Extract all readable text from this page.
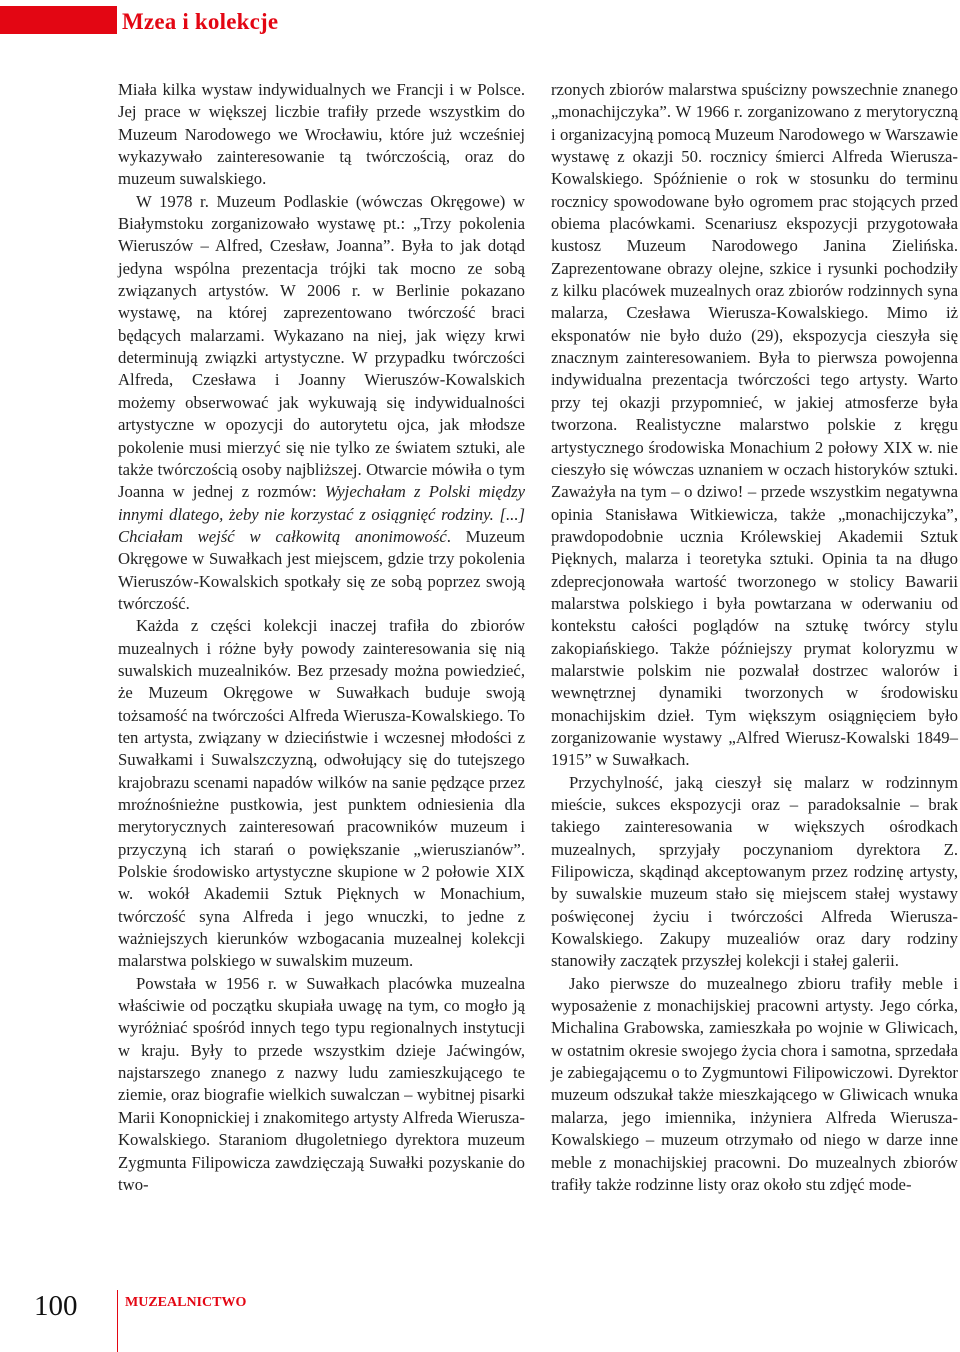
Mzea i kolekcje

Miała kilka wystaw indywidualnych we Francji i w Polsce. Jej prace w większej liczbie trafiły przede wszystkim do Muzeum Narodowego we Wrocławiu, które już wcześniej wykazywało zainteresowanie tą twórczością, oraz do muzeum suwalskiego.

W 1978 r. Muzeum Podlaskie (wówczas Okręgowe) w Białymstoku zorganizowało wystawę pt.: „Trzy pokolenia Wieruszów – Alfred, Czesław, Joanna”. Była to jak dotąd jedyna wspólna prezentacja trójki tak mocno ze sobą związanych artystów. W 2006 r. w Berlinie pokazano wystawę, na której zaprezentowano twórczość braci będących malarzami. Wykazano na niej, jak więzy krwi determinują związki artystyczne. W przypadku twórczości Alfreda, Czesława i Joanny Wieruszów-Kowalskich możemy obserwować jak wykuwają się indywidualności artystyczne w opozycji do autorytetu ojca, jak młodsze pokolenie musi mierzyć się nie tylko ze światem sztuki, ale także twórczością osoby najbliższej. Otwarcie mówiła o tym Joanna w jednej z rozmów: Wyjechałam z Polski między innymi dlatego, żeby nie korzystać z osiągnięć rodziny. [...] Chciałam wejść w całkowitą anonimowość. Muzeum Okręgowe w Suwałkach jest miejscem, gdzie trzy pokolenia Wieruszów-Kowalskich spotkały się ze sobą poprzez swoją twórczość.

Każda z części kolekcji inaczej trafiła do zbiorów muzealnych i różne były powody zainteresowania się nią suwalskich muzealników. Bez przesady można powiedzieć, że Muzeum Okręgowe w Suwałkach buduje swoją tożsamość na twórczości Alfreda Wierusza-Kowalskiego. To ten artysta, związany w dzieciństwie i wczesnej młodości z Suwałkami i Suwalszczyzną, odwołujący się do tutejszego krajobrazu scenami napadów wilków na sanie pędzące przez mroźnośnieżne pustkowia, jest punktem odniesienia dla merytorycznych zainteresowań pracowników muzeum i przyczyną ich starań o powiększanie „wieruszianów”. Polskie środowisko artystyczne skupione w 2 połowie XIX w. wokół Akademii Sztuk Pięknych w Monachium, twórczość syna Alfreda i jego wnuczki, to jedne z ważniejszych kierunków wzbogacania muzealnej kolekcji malarstwa polskiego w suwalskim muzeum.

Powstała w 1956 r. w Suwałkach placówka muzealna właściwie od początku skupiała uwagę na tym, co mogło ją wyróżniać spośród innych tego typu regionalnych instytucji w kraju. Były to przede wszystkim dzieje Jaćwingów, najstarszego znanego z nazwy ludu zamieszkującego te ziemie, oraz biografie wielkich suwalczan – wybitnej pisarki Marii Konopnickiej i znakomitego artysty Alfreda Wierusza-Kowalskiego. Staraniom długoletniego dyrektora muzeum Zygmunta Filipowicza zawdzięczają Suwałki pozyskanie do two-

rzonych zbiorów malarstwa spuścizny powszechnie znanego „monachijczyka”. W 1966 r. zorganizowano z merytoryczną i organizacyjną pomocą Muzeum Narodowego w Warszawie wystawę z okazji 50. rocznicy śmierci Alfreda Wierusza-Kowalskiego. Spóźnienie o rok w stosunku do terminu rocznicy spowodowane było ogromem prac stojących przed obiema placówkami. Scenariusz ekspozycji przygotowała kustosz Muzeum Narodowego Janina Zielińska. Zaprezentowane obrazy olejne, szkice i rysunki pochodziły z kilku placówek muzealnych oraz zbiorów rodzinnych syna malarza, Czesława Wierusza-Kowalskiego. Mimo iż eksponatów nie było dużo (29), ekspozycja cieszyła się znacznym zainteresowaniem. Była to pierwsza powojenna indywidualna prezentacja twórczości tego artysty. Warto przy tej okazji przypomnieć, w jakiej atmosferze była tworzona. Realistyczne malarstwo polskie z kręgu artystycznego środowiska Monachium 2 połowy XIX w. nie cieszyło się wówczas uznaniem w oczach historyków sztuki. Zaważyła na tym – o dziwo! – przede wszystkim negatywna opinia Stanisława Witkiewicza, także „monachijczyka”, prawdopodobnie ucznia Królewskiej Akademii Sztuk Pięknych, malarza i teoretyka sztuki. Opinia ta na długo zdeprecjonowała wartość tworzonego w stolicy Bawarii malarstwa polskiego i była powtarzana w oderwaniu od kontekstu całości poglądów na sztukę twórcy stylu zakopiańskiego. Także późniejszy prymat koloryzmu w malarstwie polskim nie pozwalał dostrzec walorów i wewnętrznej dynamiki tworzonych w środowisku monachijskim dzieł. Tym większym osiągnięciem było zorganizowanie wystawy „Alfred Wierusz-Kowalski 1849–1915” w Suwałkach.

Przychylność, jaką cieszył się malarz w rodzinnym mieście, sukces ekspozycji oraz – paradoksalnie – brak takiego zainteresowania w większych ośrodkach muzealnych, sprzyjały poczynaniom dyrektora Z. Filipowicza, skądinąd akceptowanym przez rodzinę artysty, by suwalskie muzeum stało się miejscem stałej wystawy poświęconej życiu i twórczości Alfreda Wierusza-Kowalskiego. Zakupy muzealiów oraz dary rodziny stanowiły zaczątek przyszłej kolekcji i stałej galerii.

Jako pierwsze do muzealnego zbioru trafiły meble i wyposażenie z monachijskiej pracowni artysty. Jego córka, Michalina Grabowska, zamieszkała po wojnie w Gliwicach, w ostatnim okresie swojego życia chora i samotna, sprzedała je zabiegającemu o to Zygmuntowi Filipowiczowi. Dyrektor muzeum odszukał także mieszkającego w Gliwicach wnuka malarza, jego imiennika, inżyniera Alfreda Wierusza-Kowalskiego – muzeum otrzymało od niego w darze inne meble z monachijskiej pracowni. Do muzealnych zbiorów trafiły także rodzinne listy oraz około stu zdjęć mode-

100	MUZEALNICTWO
